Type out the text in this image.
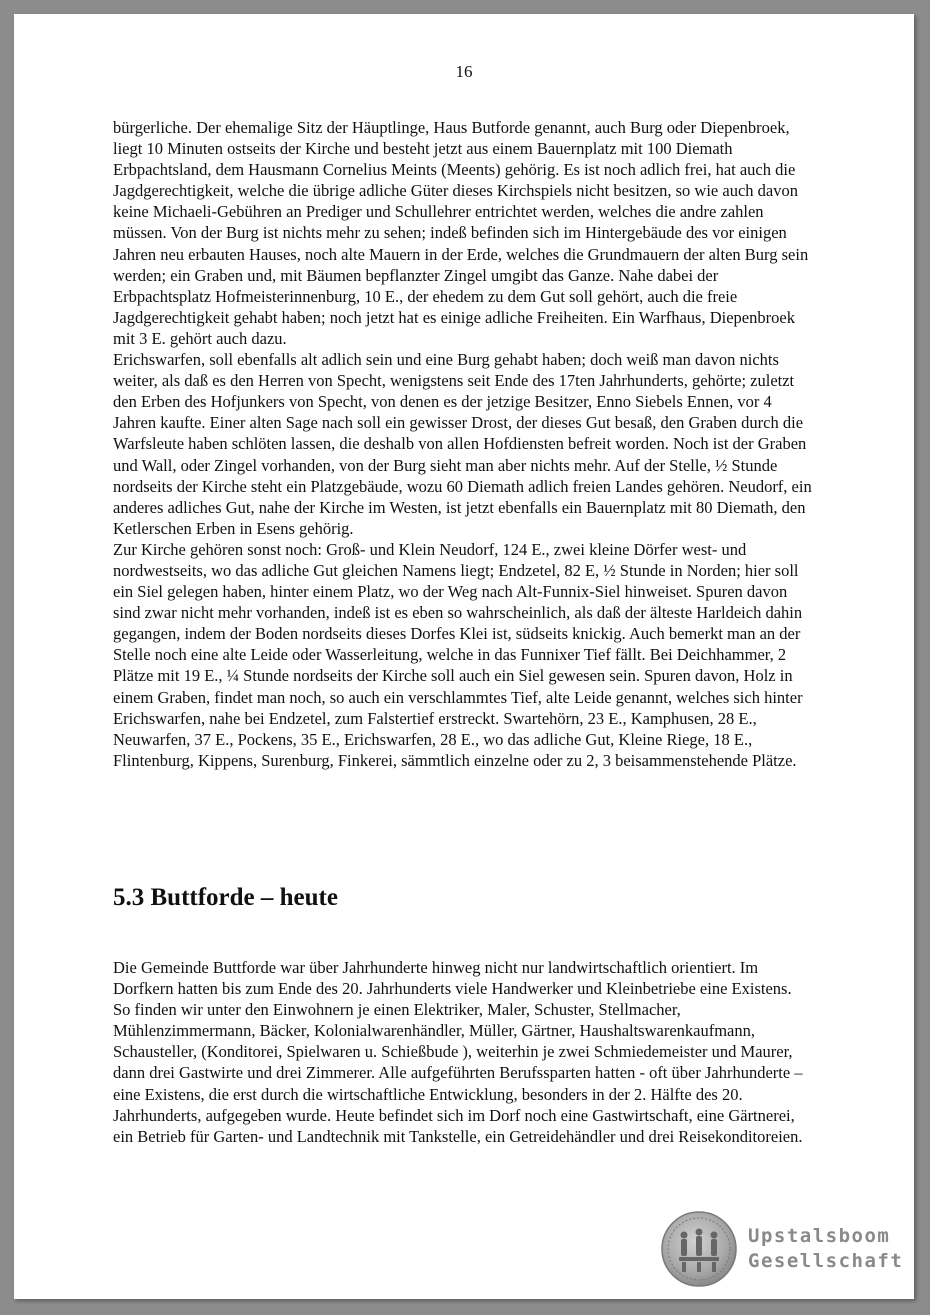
16

bürgerliche. Der ehemalige Sitz der Häuptlinge, Haus Butforde genannt, auch Burg oder Diepenbroek, liegt 10 Minuten ostseits der Kirche und besteht jetzt aus einem Bauernplatz mit 100 Diemath Erbpachtsland, dem Hausmann Cornelius Meints (Meents) gehörig. Es ist noch adlich frei, hat auch die Jagdgerechtigkeit, welche die übrige adliche Güter dieses Kirchspiels nicht besitzen, so wie auch davon keine Michaeli-Gebühren an Prediger und Schullehrer entrichtet werden, welches die andre zahlen müssen. Von der Burg ist nichts mehr zu sehen; indeß befinden sich im Hintergebäude des vor einigen Jahren neu erbauten Hauses, noch alte Mauern in der Erde, welches die Grundmauern der alten Burg sein werden; ein Graben und, mit Bäumen bepflanzter Zingel umgibt das Ganze. Nahe dabei der Erbpachtsplatz Hofmeisterinnenburg, 10 E., der ehedem zu dem Gut soll gehört, auch die freie Jagdgerechtigkeit gehabt haben; noch jetzt hat es einige adliche Freiheiten. Ein Warfhaus, Diepenbroek mit 3 E. gehört auch dazu.

Erichswarfen, soll ebenfalls alt adlich sein und eine Burg gehabt haben; doch weiß man davon nichts weiter, als daß es den Herren von Specht, wenigstens seit Ende des 17ten Jahrhunderts, gehörte; zuletzt den Erben des Hofjunkers von Specht, von denen es der jetzige Besitzer, Enno Siebels Ennen, vor 4 Jahren kaufte. Einer alten Sage nach soll ein gewisser Drost, der dieses Gut besaß, den Graben durch die Warfsleute haben schlöten lassen, die deshalb von allen Hofdiensten befreit worden. Noch ist der Graben und Wall, oder Zingel vorhanden, von der Burg sieht man aber nichts mehr. Auf der Stelle, ½ Stunde nordseits der Kirche steht ein Platzgebäude, wozu 60 Diemath adlich freien Landes gehören. Neudorf, ein anderes adliches Gut, nahe der Kirche im Westen, ist jetzt ebenfalls ein Bauernplatz mit 80 Diemath, den Ketlerschen Erben in Esens gehörig.

Zur Kirche gehören sonst noch: Groß- und Klein Neudorf, 124 E., zwei kleine Dörfer west- und nordwestseits, wo das adliche Gut gleichen Namens liegt; Endzetel, 82 E, ½ Stunde in Norden; hier soll ein Siel gelegen haben, hinter einem Platz, wo der Weg nach Alt-Funnix-Siel hinweiset. Spuren davon sind zwar nicht mehr vorhanden, indeß ist es eben so wahrscheinlich, als daß der älteste Harldeich dahin gegangen, indem der Boden nordseits dieses Dorfes Klei ist, südseits knickig. Auch bemerkt man an der Stelle noch eine alte Leide oder Wasserleitung, welche in das Funnixer Tief fällt. Bei Deichhammer, 2 Plätze mit 19 E., ¼ Stunde nordseits der Kirche soll auch ein Siel gewesen sein. Spuren davon, Holz in einem Graben, findet man noch, so auch ein verschlammtes Tief, alte Leide genannt, welches sich hinter Erichswarfen, nahe bei Endzetel, zum Falstertief erstreckt. Swartehörn, 23 E., Kamphusen, 28 E., Neuwarfen, 37 E., Pockens, 35 E., Erichswarfen, 28 E., wo das adliche Gut, Kleine Riege, 18 E., Flintenburg, Kippens, Surenburg, Finkerei, sämmtlich einzelne oder zu 2, 3 beisammenstehende Plätze.

5.3 Buttforde – heute

Die Gemeinde Buttforde war über Jahrhunderte hinweg nicht nur landwirtschaftlich orientiert. Im Dorfkern hatten bis zum Ende des 20. Jahrhunderts viele Handwerker und Kleinbetriebe eine Existens. So finden wir unter den Einwohnern je einen Elektriker, Maler, Schuster, Stellmacher, Mühlenzimmermann, Bäcker, Kolonialwarenhändler, Müller, Gärtner, Haushaltswarenkaufmann, Schausteller, (Konditorei, Spielwaren u. Schießbude ), weiterhin je zwei Schmiedemeister und Maurer, dann drei Gastwirte und drei Zimmerer. Alle aufgeführten Berufssparten hatten - oft über Jahrhunderte – eine Existens, die erst durch die wirtschaftliche Entwicklung, besonders in der 2. Hälfte des 20. Jahrhunderts, aufgegeben wurde. Heute befindet sich im Dorf noch eine Gastwirtschaft, eine Gärtnerei, ein Betrieb für Garten- und Landtechnik mit Tankstelle, ein Getreidehändler und drei Reisekonditoreien.

Upstalsboom
Gesellschaft
